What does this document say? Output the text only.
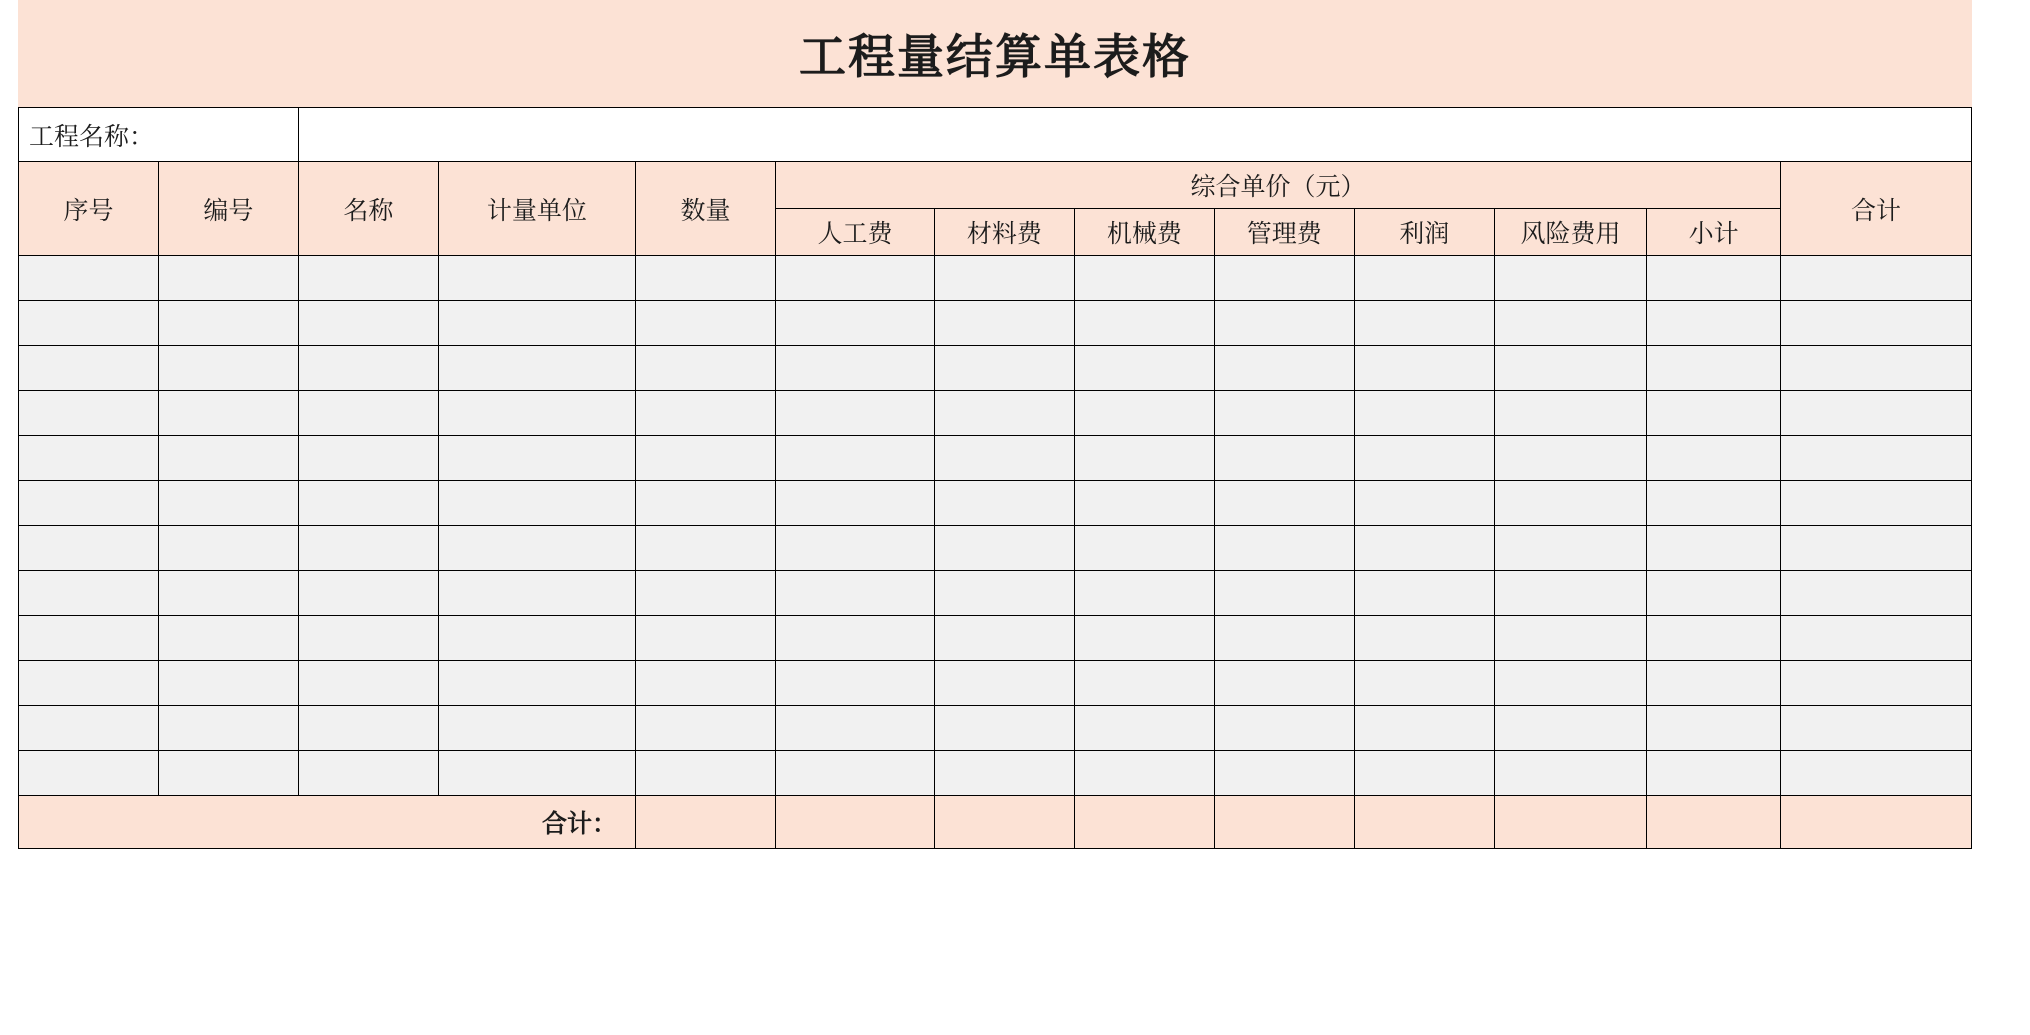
工程量结算单表格
工程名称：												
序号	编号	名称	计量单位	数量	综合单价（元）							合计
					人工费	材料费	机械费	管理费	利润	风险费用	小计	

合计：												
